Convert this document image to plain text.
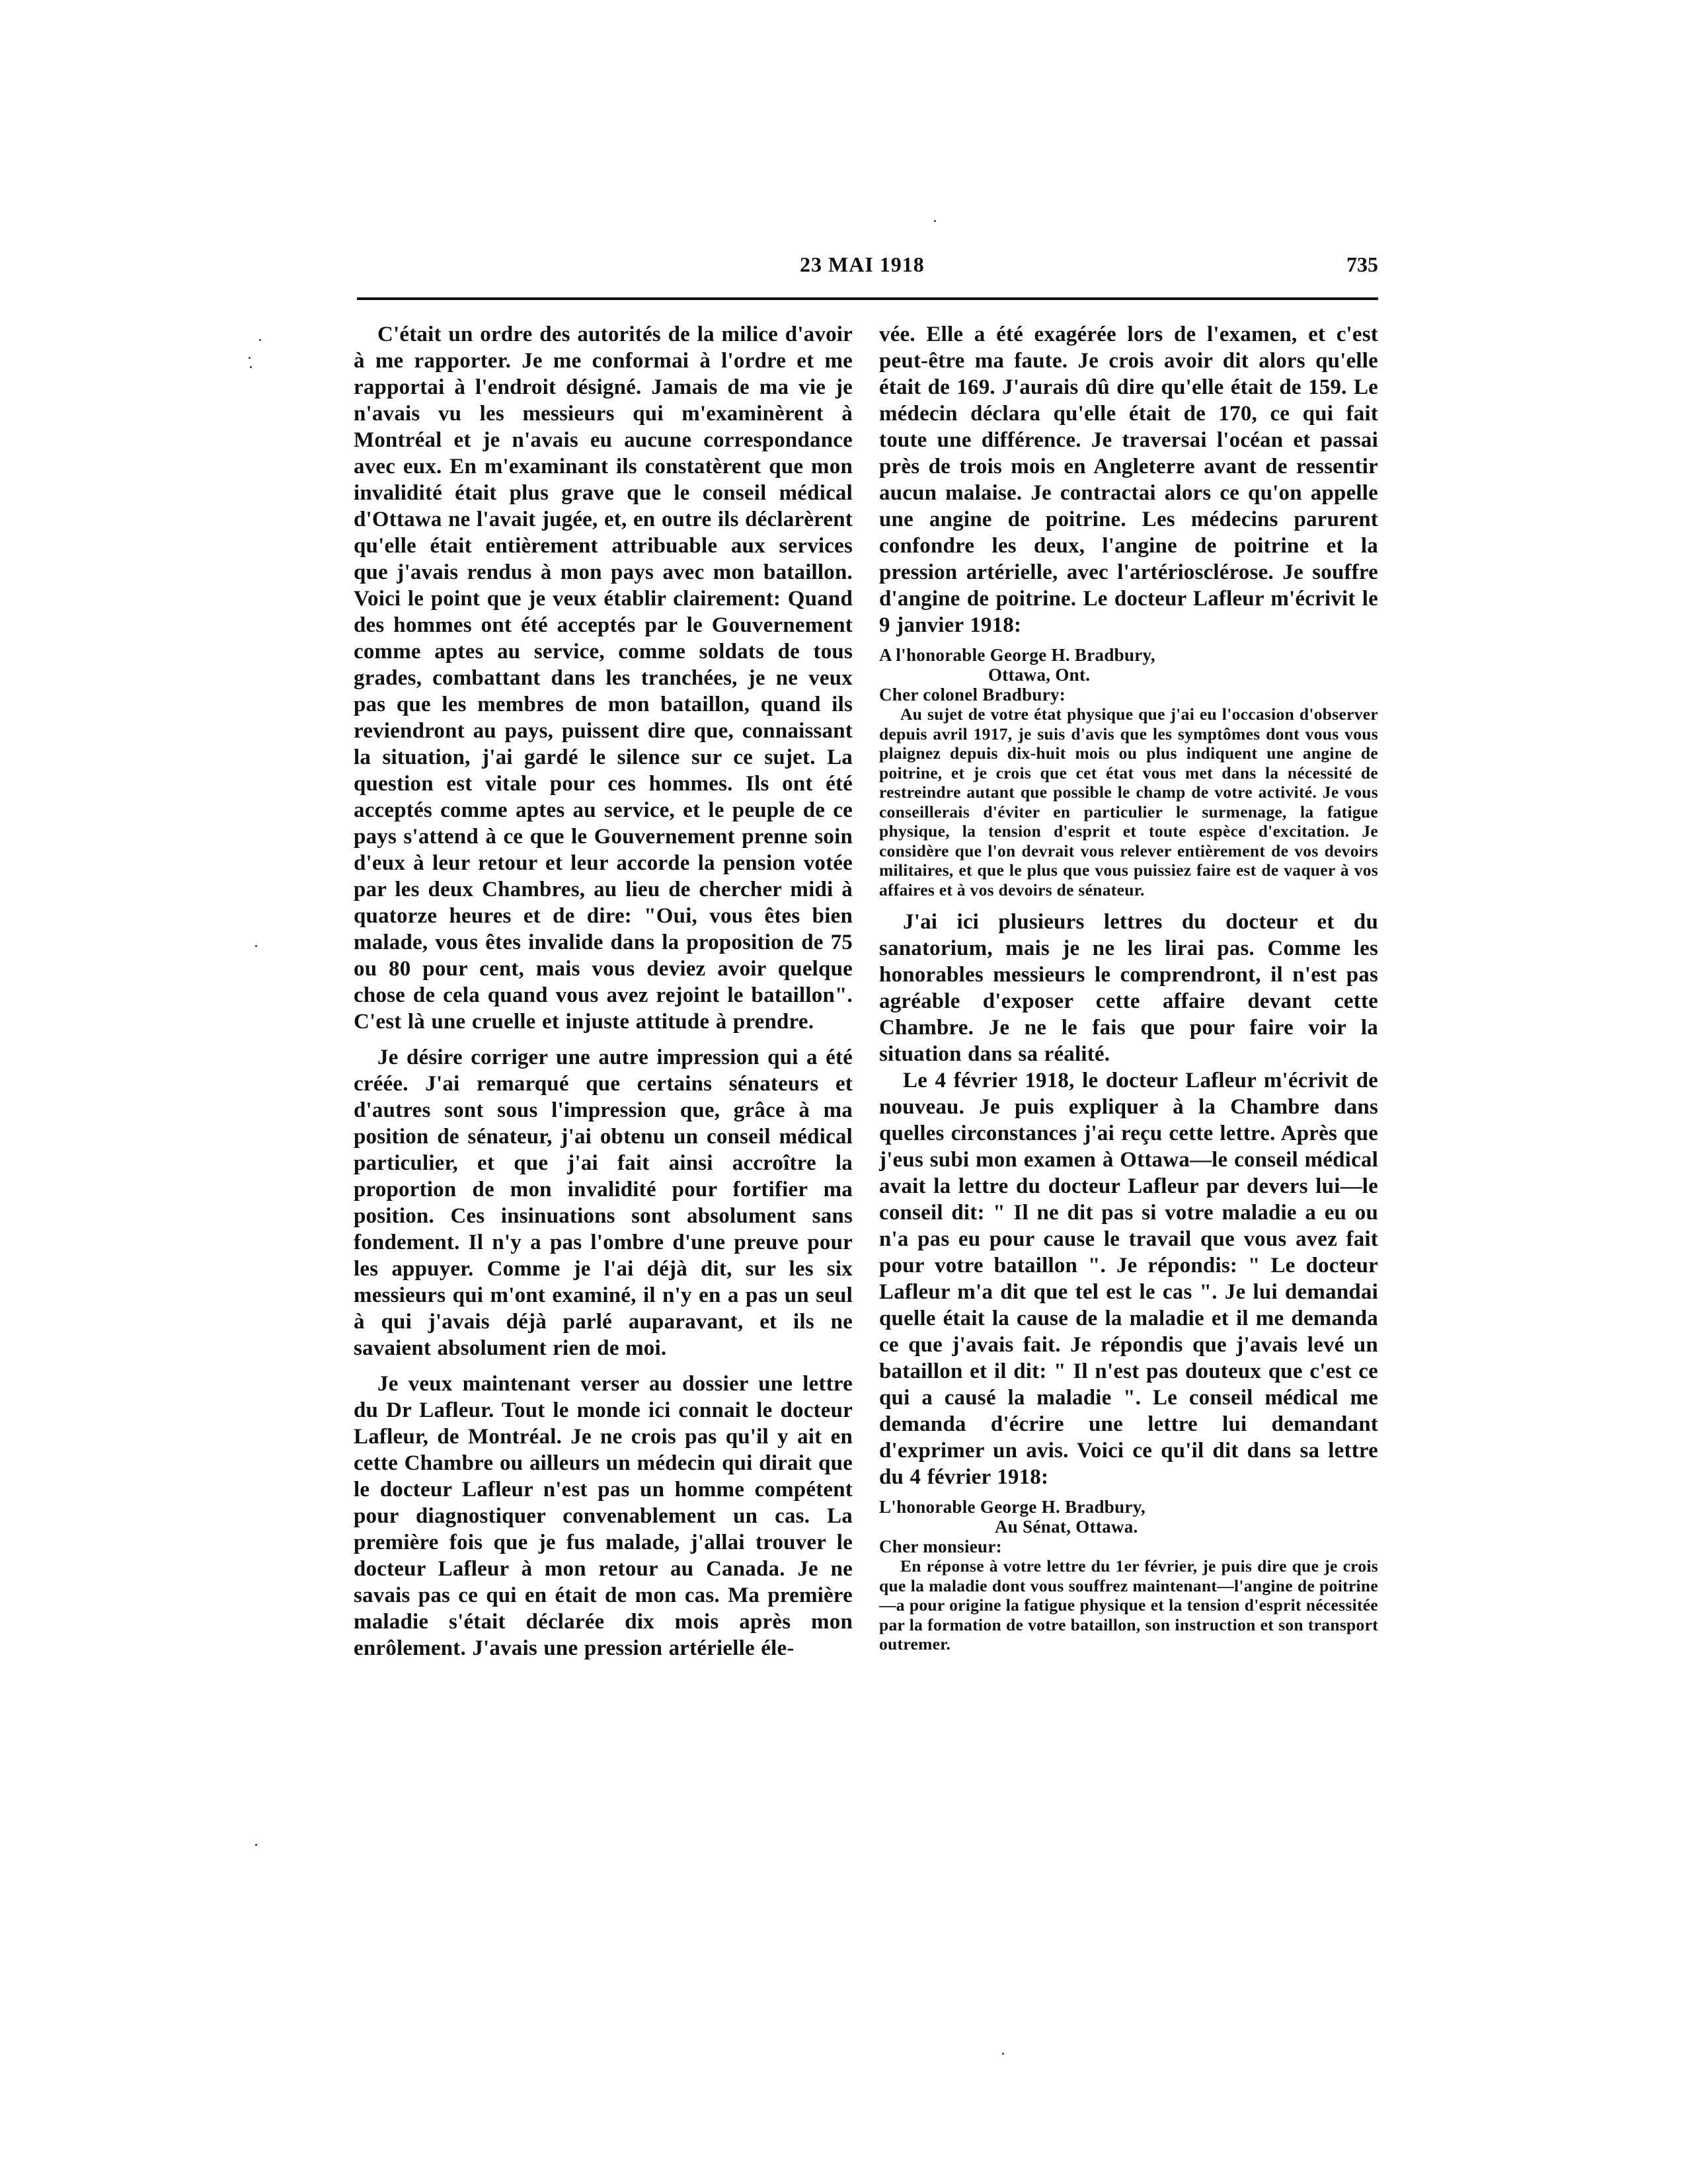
23 MAI 1918	735

C'était un ordre des autorités de la milice d'avoir à me rapporter. Je me conformai à l'ordre et me rapportai à l'endroit désigné. Jamais de ma vie je n'avais vu les messieurs qui m'examinèrent à Montréal et je n'avais eu aucune correspondance avec eux. En m'examinant ils constatèrent que mon invalidité était plus grave que le conseil médical d'Ottawa ne l'avait jugée, et, en outre ils déclarèrent qu'elle était entièrement attribuable aux services que j'avais rendus à mon pays avec mon bataillon. Voici le point que je veux établir clairement: Quand des hommes ont été acceptés par le Gouvernement comme aptes au service, comme soldats de tous grades, combattant dans les tranchées, je ne veux pas que les membres de mon bataillon, quand ils reviendront au pays, puissent dire que, connaissant la situation, j'ai gardé le silence sur ce sujet. La question est vitale pour ces hommes. Ils ont été acceptés comme aptes au service, et le peuple de ce pays s'attend à ce que le Gouvernement prenne soin d'eux à leur retour et leur accorde la pension votée par les deux Chambres, au lieu de chercher midi à quatorze heures et de dire: "Oui, vous êtes bien malade, vous êtes invalide dans la proposition de 75 ou 80 pour cent, mais vous deviez avoir quelque chose de cela quand vous avez rejoint le bataillon". C'est là une cruelle et injuste attitude à prendre.

Je désire corriger une autre impression qui a été créée. J'ai remarqué que certains sénateurs et d'autres sont sous l'impression que, grâce à ma position de sénateur, j'ai obtenu un conseil médical particulier, et que j'ai fait ainsi accroître la proportion de mon invalidité pour fortifier ma position. Ces insinuations sont absolument sans fondement. Il n'y a pas l'ombre d'une preuve pour les appuyer. Comme je l'ai déjà dit, sur les six messieurs qui m'ont examiné, il n'y en a pas un seul à qui j'avais déjà parlé auparavant, et ils ne savaient absolument rien de moi.

Je veux maintenant verser au dossier une lettre du Dr Lafleur. Tout le monde ici connait le docteur Lafleur, de Montréal. Je ne crois pas qu'il y ait en cette Chambre ou ailleurs un médecin qui dirait que le docteur Lafleur n'est pas un homme compétent pour diagnostiquer convenablement un cas. La première fois que je fus malade, j'allai trouver le docteur Lafleur à mon retour au Canada. Je ne savais pas ce qui en était de mon cas. Ma première maladie s'était déclarée dix mois après mon enrôlement. J'avais une pression artérielle éle-

vée. Elle a été exagérée lors de l'examen, et c'est peut-être ma faute. Je crois avoir dit alors qu'elle était de 169. J'aurais dû dire qu'elle était de 159. Le médecin déclara qu'elle était de 170, ce qui fait toute une différence. Je traversai l'océan et passai près de trois mois en Angleterre avant de ressentir aucun malaise. Je contractai alors ce qu'on appelle une angine de poitrine. Les médecins parurent confondre les deux, l'angine de poitrine et la pression artérielle, avec l'artériosclérose. Je souffre d'angine de poitrine. Le docteur Lafleur m'écrivit le 9 janvier 1918:

A l'honorable George H. Bradbury,

Ottawa, Ont.

Cher colonel Bradbury:

Au sujet de votre état physique que j'ai eu l'occasion d'observer depuis avril 1917, je suis d'avis que les symptômes dont vous vous plaignez depuis dix-huit mois ou plus indiquent une angine de poitrine, et je crois que cet état vous met dans la nécessité de restreindre autant que possible le champ de votre activité. Je vous conseillerais d'éviter en particulier le surmenage, la fatigue physique, la tension d'esprit et toute espèce d'excitation. Je considère que l'on devrait vous relever entièrement de vos devoirs militaires, et que le plus que vous puissiez faire est de vaquer à vos affaires et à vos devoirs de sénateur.

J'ai ici plusieurs lettres du docteur et du sanatorium, mais je ne les lirai pas. Comme les honorables messieurs le comprendront, il n'est pas agréable d'exposer cette affaire devant cette Chambre. Je ne le fais que pour faire voir la situation dans sa réalité.

Le 4 février 1918, le docteur Lafleur m'écrivit de nouveau. Je puis expliquer à la Chambre dans quelles circonstances j'ai reçu cette lettre. Après que j'eus subi mon examen à Ottawa—le conseil médical avait la lettre du docteur Lafleur par devers lui—le conseil dit: " Il ne dit pas si votre maladie a eu ou n'a pas eu pour cause le travail que vous avez fait pour votre bataillon ". Je répondis: " Le docteur Lafleur m'a dit que tel est le cas ". Je lui demandai quelle était la cause de la maladie et il me demanda ce que j'avais fait. Je répondis que j'avais levé un bataillon et il dit: " Il n'est pas douteux que c'est ce qui a causé la maladie ". Le conseil médical me demanda d'écrire une lettre lui demandant d'exprimer un avis. Voici ce qu'il dit dans sa lettre du 4 février 1918:

L'honorable George H. Bradbury,

Au Sénat, Ottawa.

Cher monsieur:

En réponse à votre lettre du 1er février, je puis dire que je crois que la maladie dont vous souffrez maintenant—l'angine de poitrine—a pour origine la fatigue physique et la tension d'esprit nécessitée par la formation de votre bataillon, son instruction et son transport outremer.
